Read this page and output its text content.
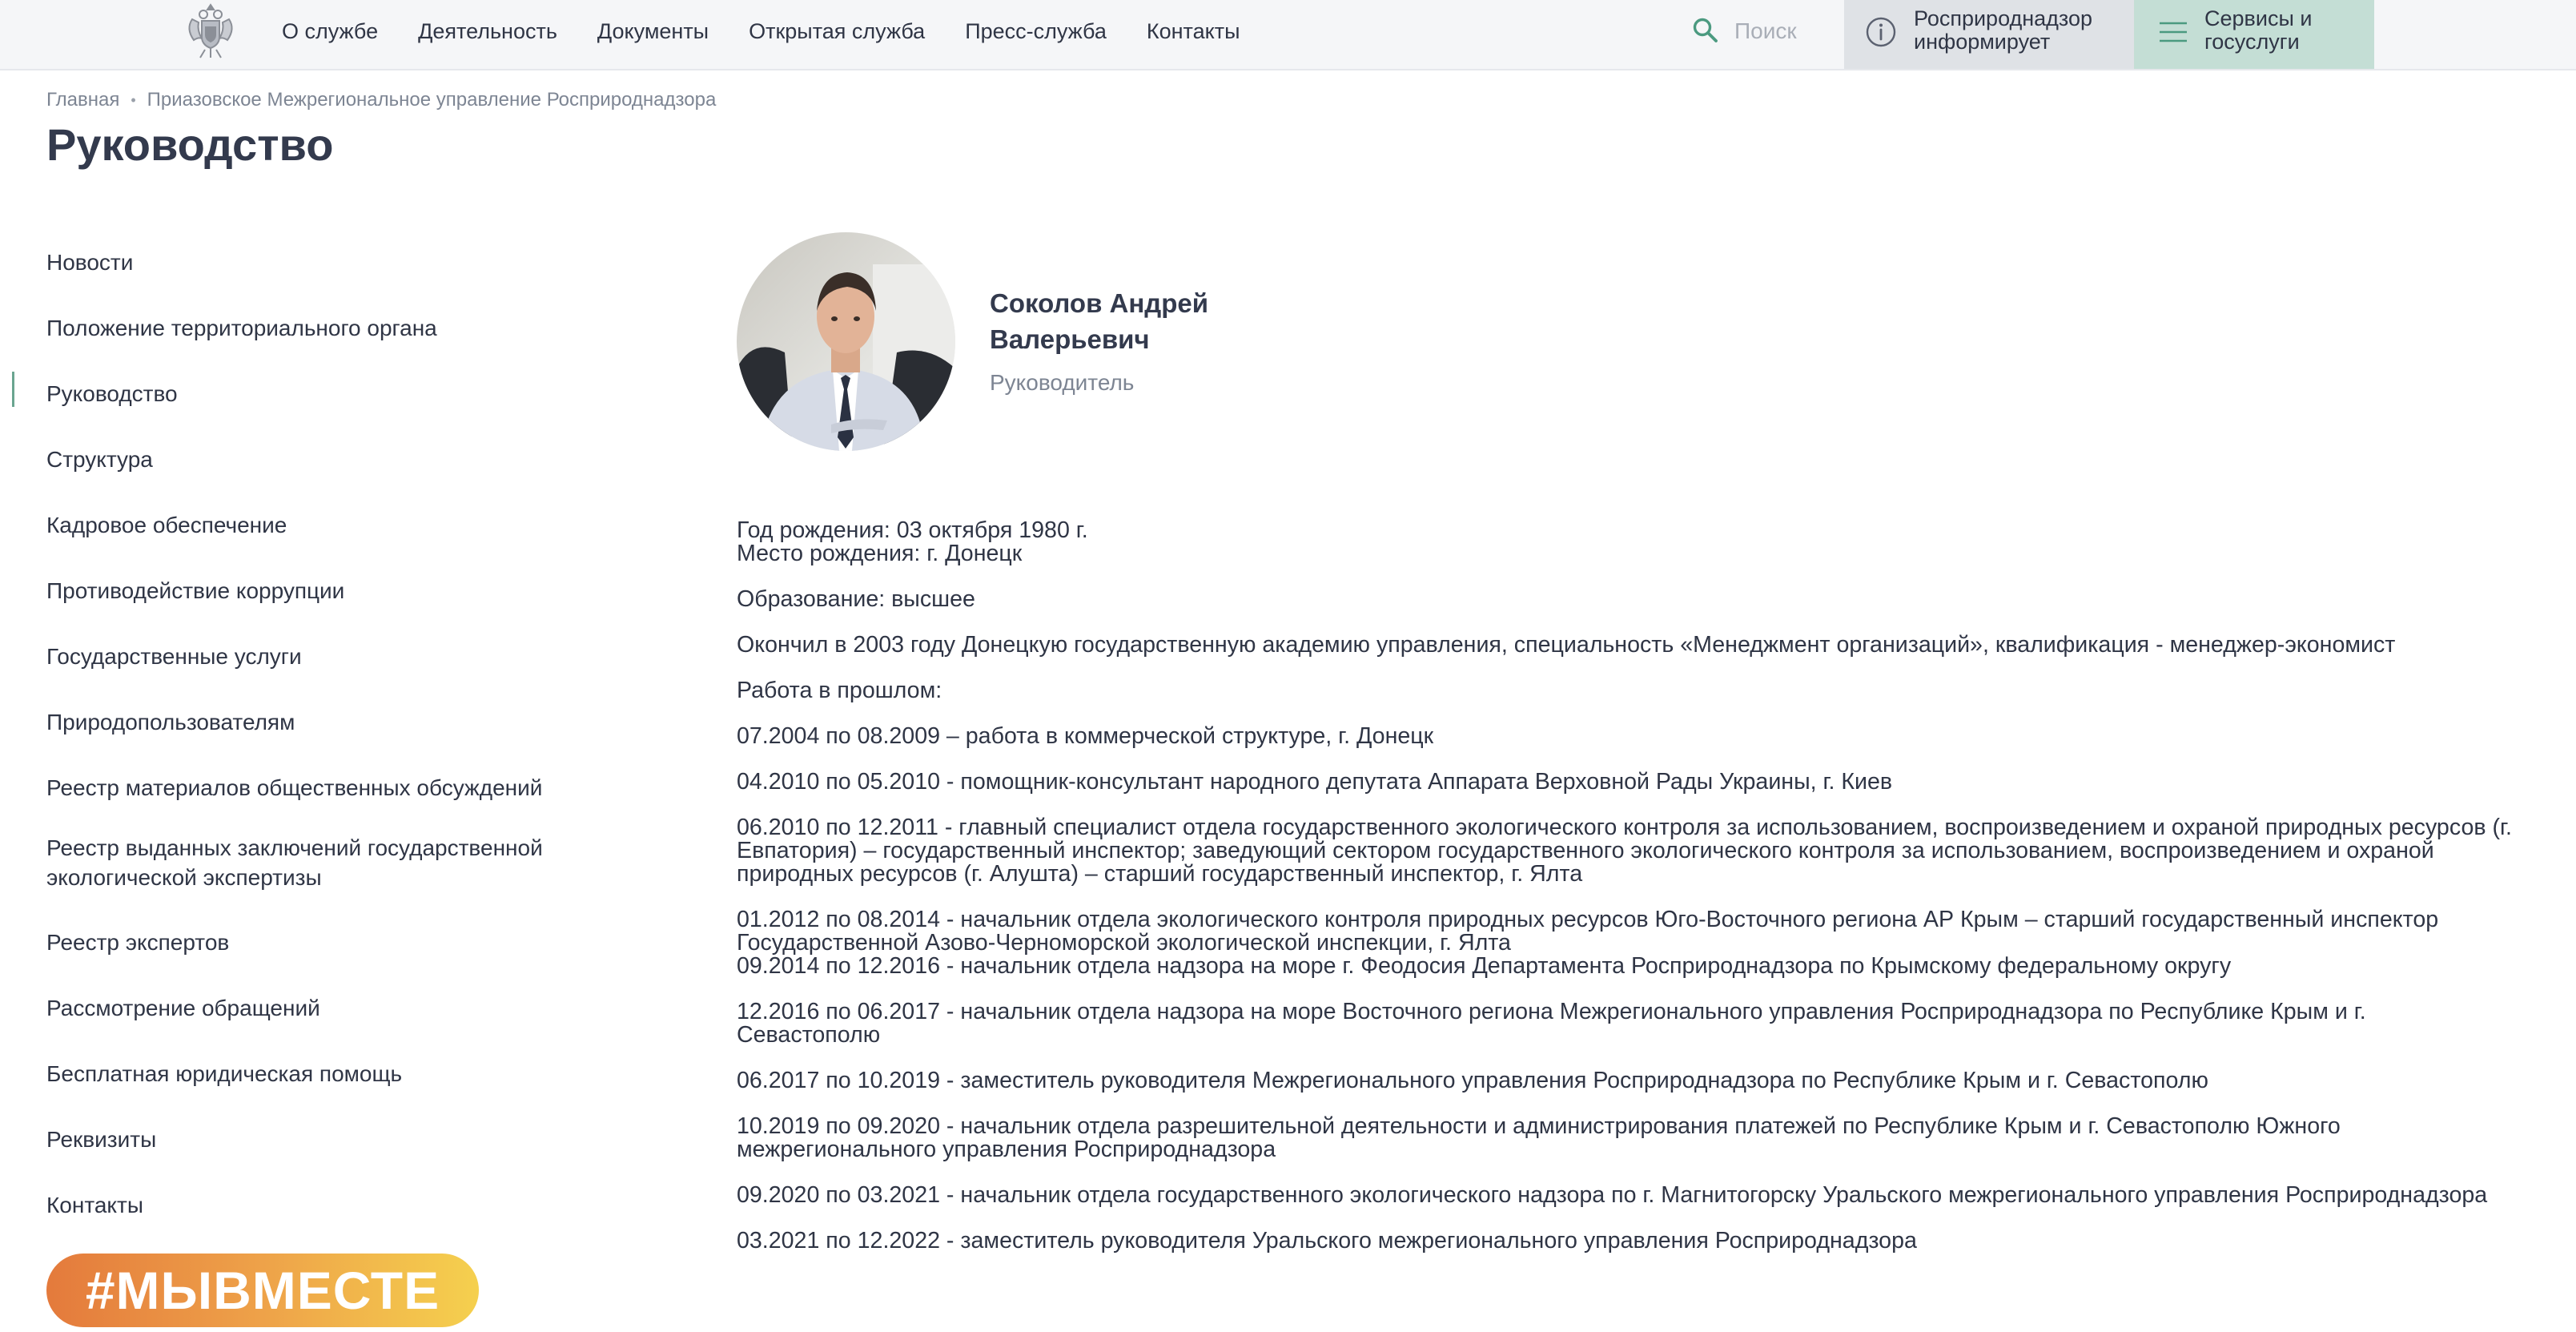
О службе Деятельность Документы Открытая служба Пресс-служба Контакты
Поиск
Росприроднадзор информирует
Сервисы и госуслуги
Главная • Приазовское Межрегиональное управление Росприроднадзора
Руководство
Новости
Положение территориального органа
Руководство
Структура
Кадровое обеспечение
Противодействие коррупции
Государственные услуги
Природопользователям
Реестр материалов общественных обсуждений
Реестр выданных заключений государственной экологической экспертизы
Реестр экспертов
Рассмотрение обращений
Бесплатная юридическая помощь
Реквизиты
Контакты
#МЫВМЕСТЕ
Соколов Андрей Валерьевич
Руководитель

Год рождения: 03 октября 1980 г.

Место рождения: г. Донецк

Образование: высшее

Окончил в 2003 году Донецкую государственную академию управления, специальность «Менеджмент организаций», квалификация - менеджер-экономист

Работа в прошлом:

07.2004 по 08.2009 – работа в коммерческой структуре, г. Донецк

04.2010 по 05.2010 - помощник-консультант народного депутата Аппарата Верховной Рады Украины, г. Киев

06.2010 по 12.2011 - главный специалист отдела государственного экологического контроля за использованием, воспроизведением и охраной природных ресурсов (г. Евпатория) – государственный инспектор; заведующий сектором государственного экологического контроля за использованием, воспроизведением и охраной природных ресурсов (г. Алушта) – старший государственный инспектор, г. Ялта

01.2012 по 08.2014 - начальник отдела экологического контроля природных ресурсов Юго-Восточного региона АР Крым – старший государственный инспектор Государственной Азово-Черноморской экологической инспекции, г. Ялта

09.2014 по 12.2016 - начальник отдела надзора на море г. Феодосия Департамента Росприроднадзора по Крымскому федеральному округу

12.2016 по 06.2017 - начальник отдела надзора на море Восточного региона Межрегионального управления Росприроднадзора по Республике Крым и г. Севастополю

06.2017 по 10.2019 - заместитель руководителя Межрегионального управления Росприроднадзора по Республике Крым и г. Севастополю

10.2019 по 09.2020 - начальник отдела разрешительной деятельности и администрирования платежей по Республике Крым и г. Севастополю Южного межрегионального управления Росприроднадзора

09.2020 по 03.2021 - начальник отдела государственного экологического надзора по г. Магнитогорску Уральского межрегионального управления Росприроднадзора

03.2021 по 12.2022 - заместитель руководителя Уральского межрегионального управления Росприроднадзора
